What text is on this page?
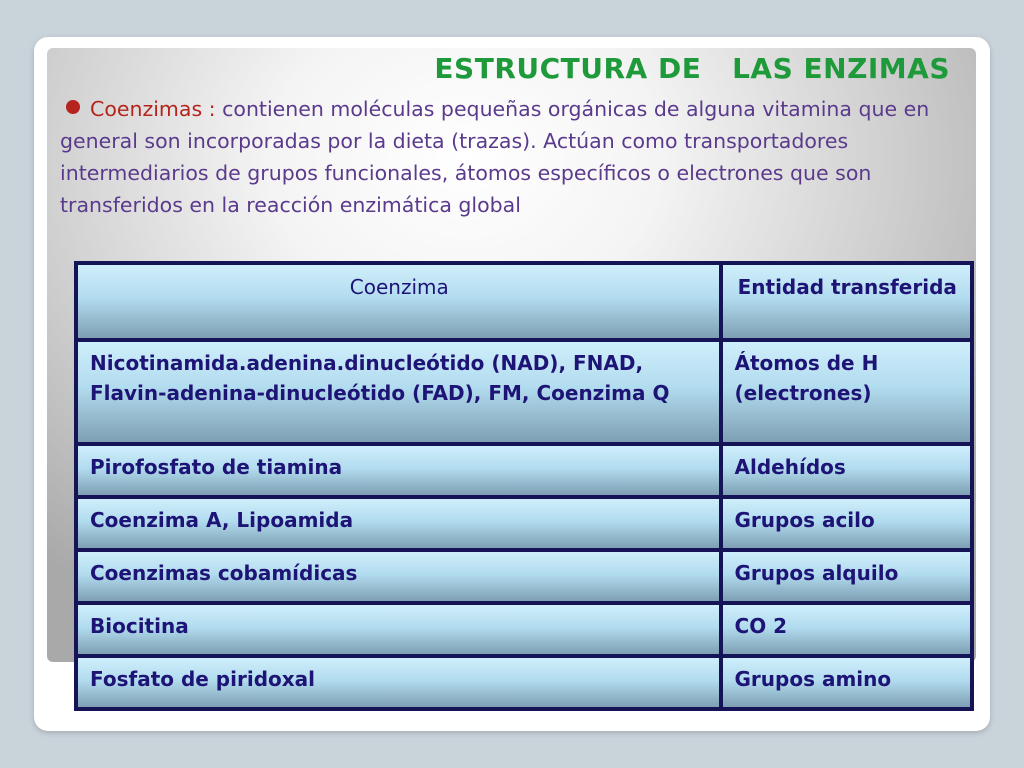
ESTRUCTURA DE   LAS ENZIMAS

Coenzimas : contienen moléculas pequeñas orgánicas de alguna vitamina que en general son incorporadas por la dieta (trazas). Actúan como transportadores intermediarios de grupos funcionales, átomos específicos o electrones que son transferidos en la reacción enzimática global

Coenzima	Entidad transferida
Nicotinamida.adenina.dinucleótido (NAD), FNAD, Flavin-adenina-dinucleótido (FAD), FM, Coenzima Q	Átomos de H (electrones)
Pirofosfato de tiamina	Aldehídos
Coenzima A, Lipoamida	Grupos acilo
Coenzimas cobamídicas	Grupos alquilo
Biocitina	CO 2
Fosfato de piridoxal	Grupos amino
